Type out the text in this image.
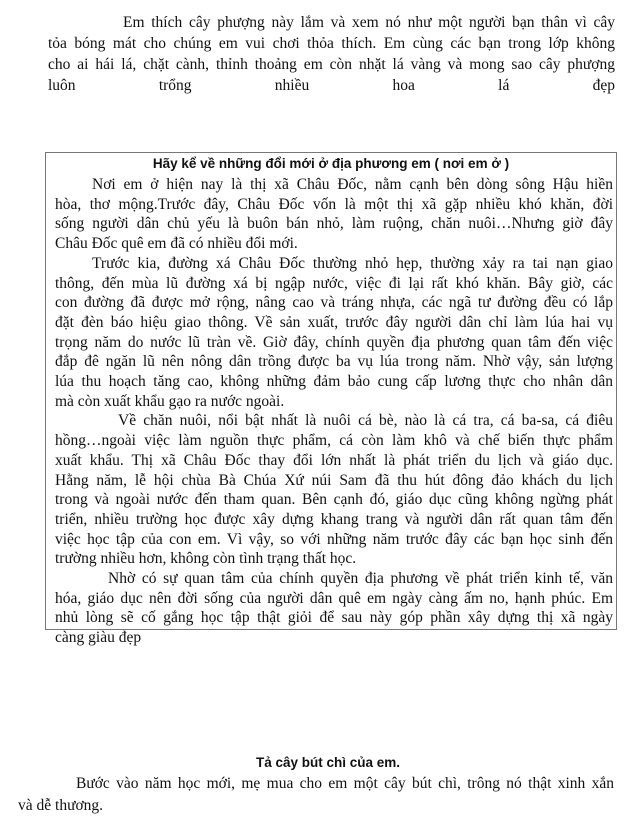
Em thích cây phượng này lắm và xem nó như một người bạn thân vì cây
tỏa bóng mát cho chúng em vui chơi thỏa thích. Em cùng các bạn trong lớp không
cho ai hái lá, chặt cành, thỉnh thoảng em còn nhặt lá vàng và mong sao cây phượng
luôn trổng nhiều hoa lá đẹp
Hãy kể về những đổi mới ở địa phương em ( nơi em ở )
Nơi em ở hiện nay là thị xã Châu Đốc, nằm cạnh bên dòng sông Hậu hiền
hòa, thơ mộng.Trước đây, Châu Đốc vốn là một thị xã gặp nhiều khó khăn, đời
sống người dân chủ yếu là buôn bán nhỏ, làm ruộng, chăn nuôi…Nhưng giờ đây
Châu Đốc quê em đã có nhiều đổi mới.
Trước kia, đường xá Châu Đốc thường nhỏ hẹp, thường xảy ra tai nạn giao
thông, đến mùa lũ đường xá bị ngập nước, việc đi lại rất khó khăn. Bây giờ, các
con đường đã được mở rộng, nâng cao và tráng nhựa, các ngã tư đường đều có lắp
đặt đèn báo hiệu giao thông. Về sản xuất, trước đây người dân chỉ làm lúa hai vụ
trọng năm do nước lũ tràn về. Giờ đây, chính quyền địa phương quan tâm đến việc
đắp đê ngăn lũ nên nông dân trồng được ba vụ lúa trong năm. Nhờ vậy, sản lượng
lúa thu hoạch tăng cao, không những đảm bảo cung cấp lương thực cho nhân dân
mà còn xuất khẩu gạo ra nước ngoài.
Về chăn nuôi, nổi bật nhất là nuôi cá bè, nào là cá tra, cá ba-sa, cá điêu
hồng…ngoài việc làm nguồn thực phẩm, cá còn làm khô và chế biến thực phẩm
xuất khẩu. Thị xã Châu Đốc thay đổi lớn nhất là phát triển du lịch và giáo dục.
Hằng năm, lễ hội chùa Bà Chúa Xứ núi Sam đã thu hút đông đảo khách du lịch
trong và ngoài nước đến tham quan. Bên cạnh đó, giáo dục cũng không ngừng phát
triển, nhiều trường học được xây dựng khang trang và người dân rất quan tâm đến
việc học tập của con em. Vì vậy, so với những năm trước đây các bạn học sinh đến
trường nhiều hơn, không còn tình trạng thất học.
Nhờ có sự quan tâm của chính quyền địa phương về phát triển kinh tế, văn
hóa, giáo dục nên đời sống của người dân quê em ngày càng ấm no, hạnh phúc. Em
nhủ lòng sẽ cố gắng học tập thật giỏi để sau này góp phần xây dựng thị xã ngày
càng giàu đẹp
Tả cây bút chì của em.
Bước vào năm học mới, mẹ mua cho em một cây bút chì, trông nó thật xinh xắn
và dễ thương.
